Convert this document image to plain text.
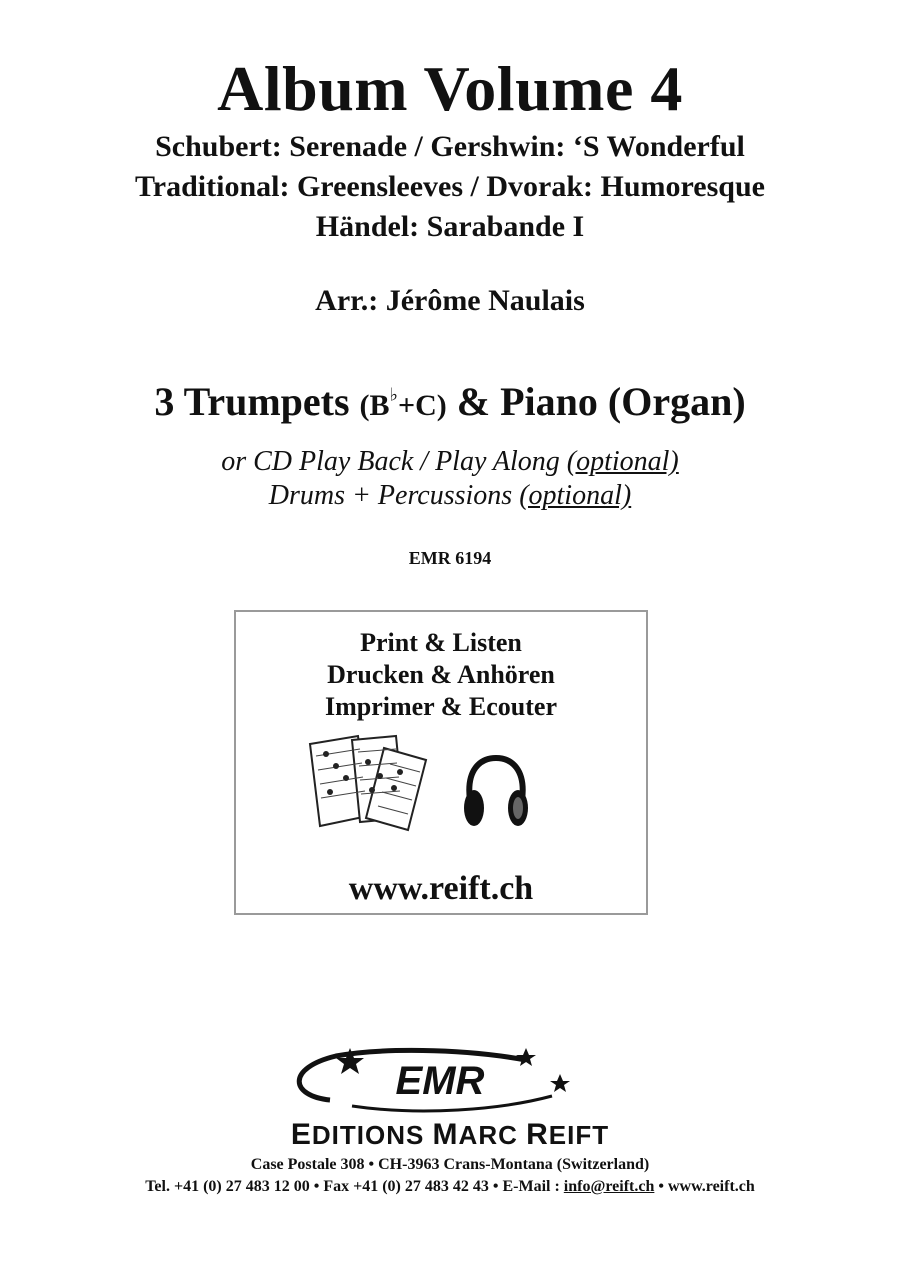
Album Volume 4
Schubert: Serenade / Gershwin: ‘S Wonderful
Traditional: Greensleeves / Dvorak: Humoresque
Händel: Sarabande I
Arr.: Jérôme Naulais
3 Trumpets (B♭+C) & Piano (Organ)
or CD Play Back / Play Along (optional)
Drums + Percussions (optional)
EMR 6194
Print & Listen
Drucken & Anhören
Imprimer & Ecouter
www.reift.ch
EMR
EDITIONS MARC REIFT
Case Postale 308 • CH-3963 Crans-Montana (Switzerland)
Tel. +41 (0) 27 483 12 00 • Fax +41 (0) 27 483 42 43 • E-Mail : info@reift.ch • www.reift.ch
